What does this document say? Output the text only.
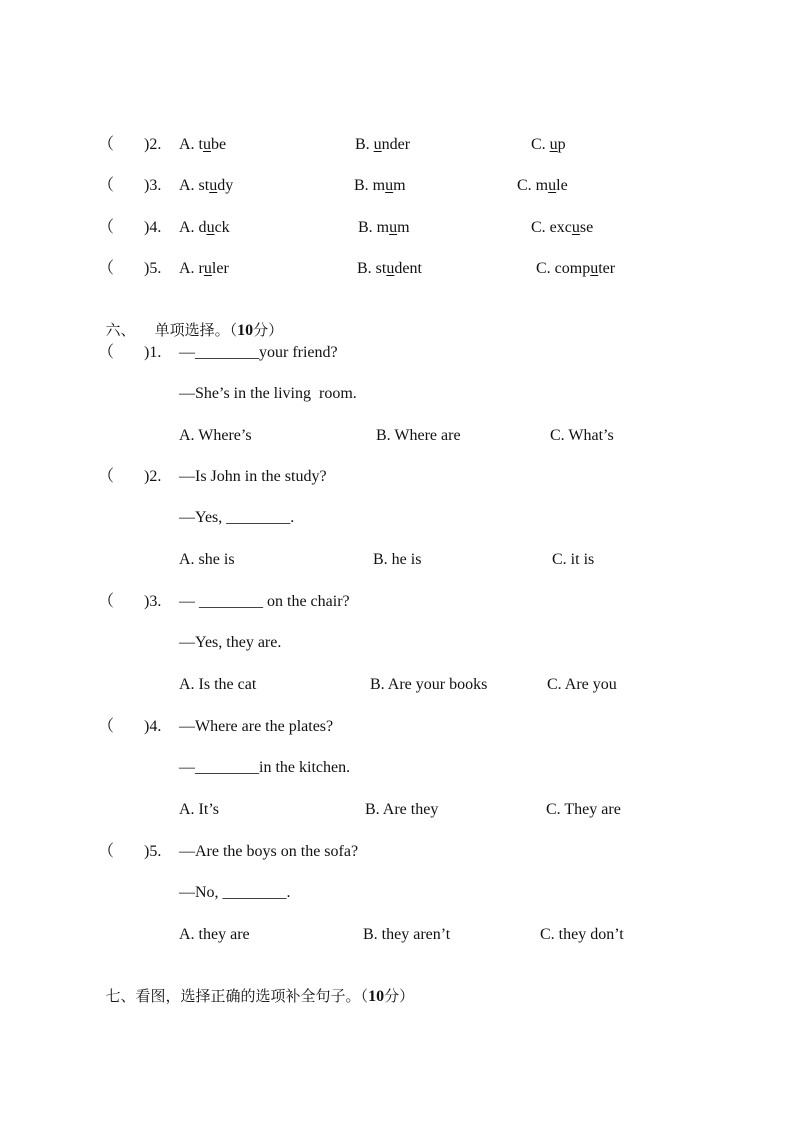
（ )2. A. tube	B. under	C. up
（ )3. A. study	B. mum	C. mule
（ )4. A. duck	B. mum	C. excuse
（ )5. A. ruler	B. student	C. computer

六、 单项选择。（10分）

（ )1. —________your friend?
—She’s in the living  room.
A. Where’s	B. Where are	C. What’s
（ )2. —Is John in the study?
—Yes, ________.
A. she is	B. he is	C. it is
（ )3. — ________ on the chair?
—Yes, they are.
A. Is the cat	B. Are your books	C. Are you
（ )4. —Where are the plates?
—________in the kitchen.
A. It’s	B. Are they	C. They are
（ )5. —Are the boys on the sofa?
—No, ________.
A. they are	B. they aren’t	C. they don’t

七、看图，选择正确的选项补全句子。（10分）
